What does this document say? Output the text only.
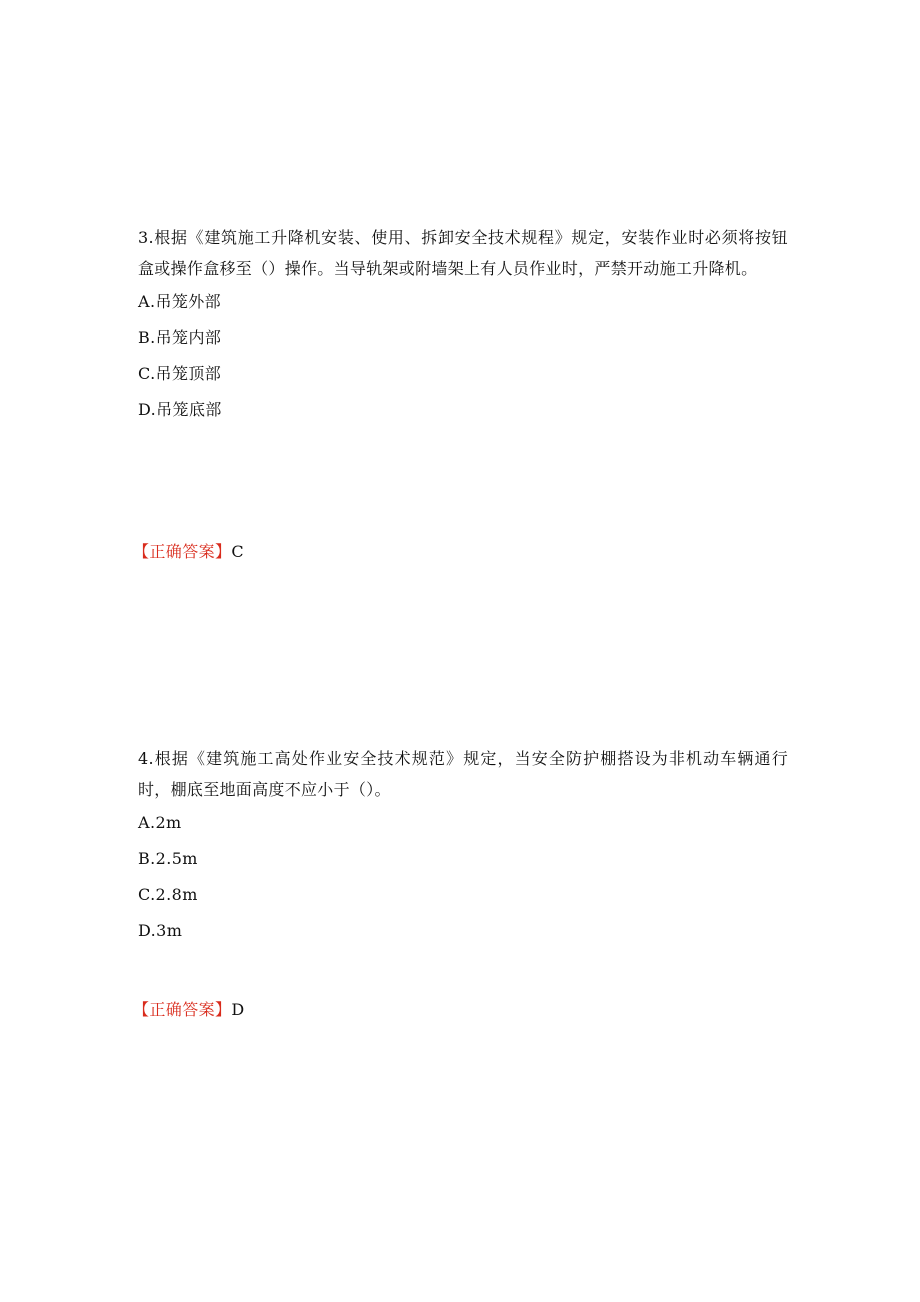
3.根据《建筑施工升降机安装、使用、拆卸安全技术规程》规定，安装作业时必须将按钮盒或操作盒移至（）操作。当导轨架或附墙架上有人员作业时，严禁开动施工升降机。

A.吊笼外部

B.吊笼内部

C.吊笼顶部

D.吊笼底部

【正确答案】C

4.根据《建筑施工高处作业安全技术规范》规定，当安全防护棚搭设为非机动车辆通行时，棚底至地面高度不应小于（）。

A.2m

B.2.5m

C.2.8m

D.3m

【正确答案】D
